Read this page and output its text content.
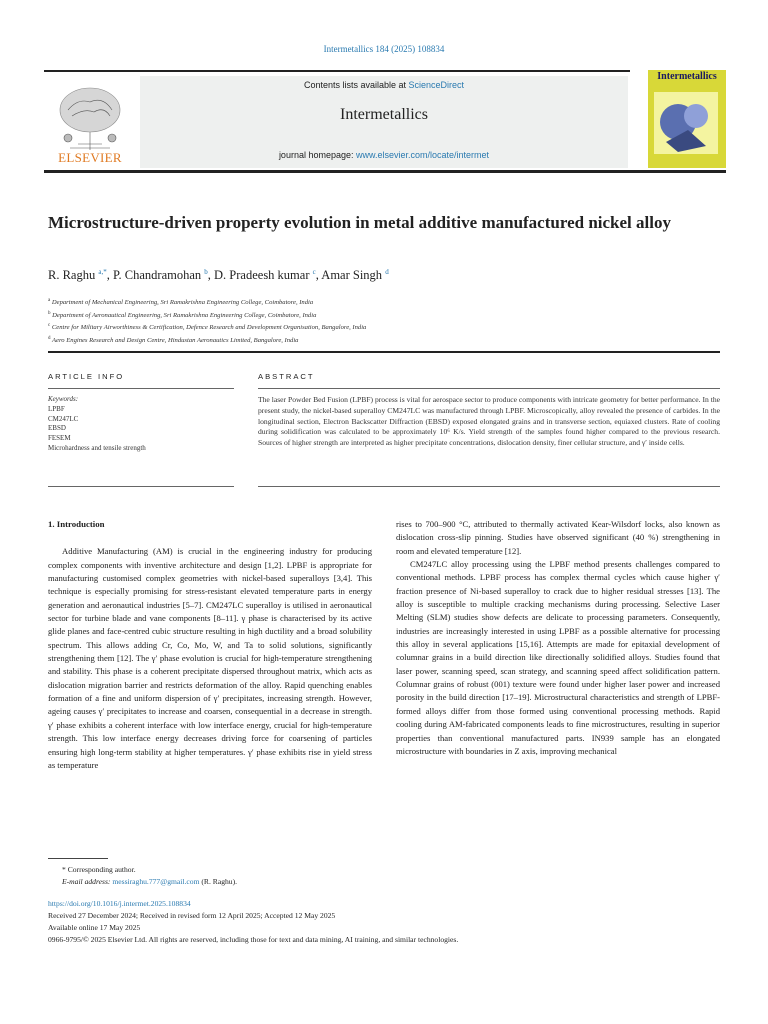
Intermetallics 184 (2025) 108834
ELSEVIER
Contents lists available at ScienceDirect
Intermetallics
journal homepage: www.elsevier.com/locate/intermet
Intermetallics
Microstructure-driven property evolution in metal additive manufactured nickel alloy
R. Raghu $^{a,*}$, P. Chandramohan $^b$, D. Pradeesh kumar $^c$, Amar Singh $^d$
$^a$ Department of Mechanical Engineering, Sri Ramakrishna Engineering College, Coimbatore, India
$^b$ Department of Aeronautical Engineering, Sri Ramakrishna Engineering College, Coimbatore, India
$^c$ Centre for Military Airworthiness & Certification, Defence Research and Development Organisation, Bangalore, India
$^d$ Aero Engines Research and Design Centre, Hindustan Aeronautics Limited, Bangalore, India
ARTICLE INFO	ABSTRACT
Keywords:
LPBF
CM247LC
EBSD
FESEM
Microhardness and tensile strength
The laser Powder Bed Fusion (LPBF) process is vital for aerospace sector to produce components with intricate geometry for better performance. In the present study, the nickel-based superalloy CM247LC was manufactured through LPBF. Microscopically, alloy revealed the presence of carbides. In the longitudinal section, Electron Backscatter Diffraction (EBSD) exposed elongated grains and in transverse section, equiaxed clusters. Rate of cooling during solidification was calculated to be approximately 10⁶ K/s. Yield strength of the samples found higher compared to the previous research. Sources of higher strength are interpreted as higher precipitate concentrations, dislocation density, finer cellular structure, and γ′ inside cells.
1. Introduction

Additive Manufacturing (AM) is crucial in the engineering industry for producing complex components with inventive architecture and design [1,2]. LPBF is appropriate for manufacturing customised complex geometries with nickel-based superalloys [3,4]. This technique is especially promising for stress-resistant elevated temperature parts in energy generation and aeronautical industries [5–7]. CM247LC superalloy is utilised in aeronautical sector for turbine blade and vane components [8–11]. γ phase is characterised by its active glide planes and face-centred cubic structure resulting in high ductility and a broad solubility spectrum. This allows adding Cr, Co, Mo, W, and Ta to solid solutions, significantly strengthening them [12]. The γ′ phase evolution is crucial for high-temperature strengthening and stability. This phase is a coherent precipitate dispersed throughout matrix, which acts as dislocation migration barrier and restricts deformation of the alloy. Rapid quenching enables formation of a fine and uniform dispersion of γ′ precipitates, increasing strength. However, ageing causes γ′ precipitates to increase and coarsen, consequential in a decrease in strength. γ′ phase exhibits a coherent interface with low interface energy, crucial for high-temperature strength. This low interface energy decreases driving force for coarsening of particles ensuring high long-term stability at higher temperatures. γ′ phase exhibits rise in yield stress as temperature

rises to 700–900 °C, attributed to thermally activated Kear-Wilsdorf locks, also known as dislocation cross-slip pinning. Studies have observed significant (40 %) strengthening in room and elevated temperature [12].

CM247LC alloy processing using the LPBF method presents challenges compared to conventional methods. LPBF process has complex thermal cycles which cause higher γ′ fraction presence of Ni-based superalloy to crack due to higher residual stresses [13]. The alloy is susceptible to multiple cracking mechanisms during processing. Selective Laser Melting (SLM) studies show defects are delicate to processing parameters. Consequently, industries are increasingly interested in using LPBF as a possible alternative for processing this alloy in several applications [15,16]. Attempts are made for epitaxial development of columnar grains in a build direction like directionally solidified alloys. Studies found that laser power, scanning speed, scan strategy, and scanning speed affect solidification pattern. Columnar grains of robust (001) texture were found under higher laser power and increased porosity in the build direction [17–19]. Microstructural characteristics and strength of LPBF-formed alloys differ from those formed using conventional processing methods. Rapid cooling during AM-fabricated components leads to fine microstructures, resulting in superior properties than conventional manufactured parts. IN939 sample has an elongated microstructure with boundaries in Z axis, improving mechanical

* Corresponding author.
E-mail address: messiraghu.777@gmail.com (R. Raghu).
https://doi.org/10.1016/j.intermet.2025.108834
Received 27 December 2024; Received in revised form 12 April 2025; Accepted 12 May 2025
Available online 17 May 2025
0966-9795/© 2025 Elsevier Ltd. All rights are reserved, including those for text and data mining, AI training, and similar technologies.
